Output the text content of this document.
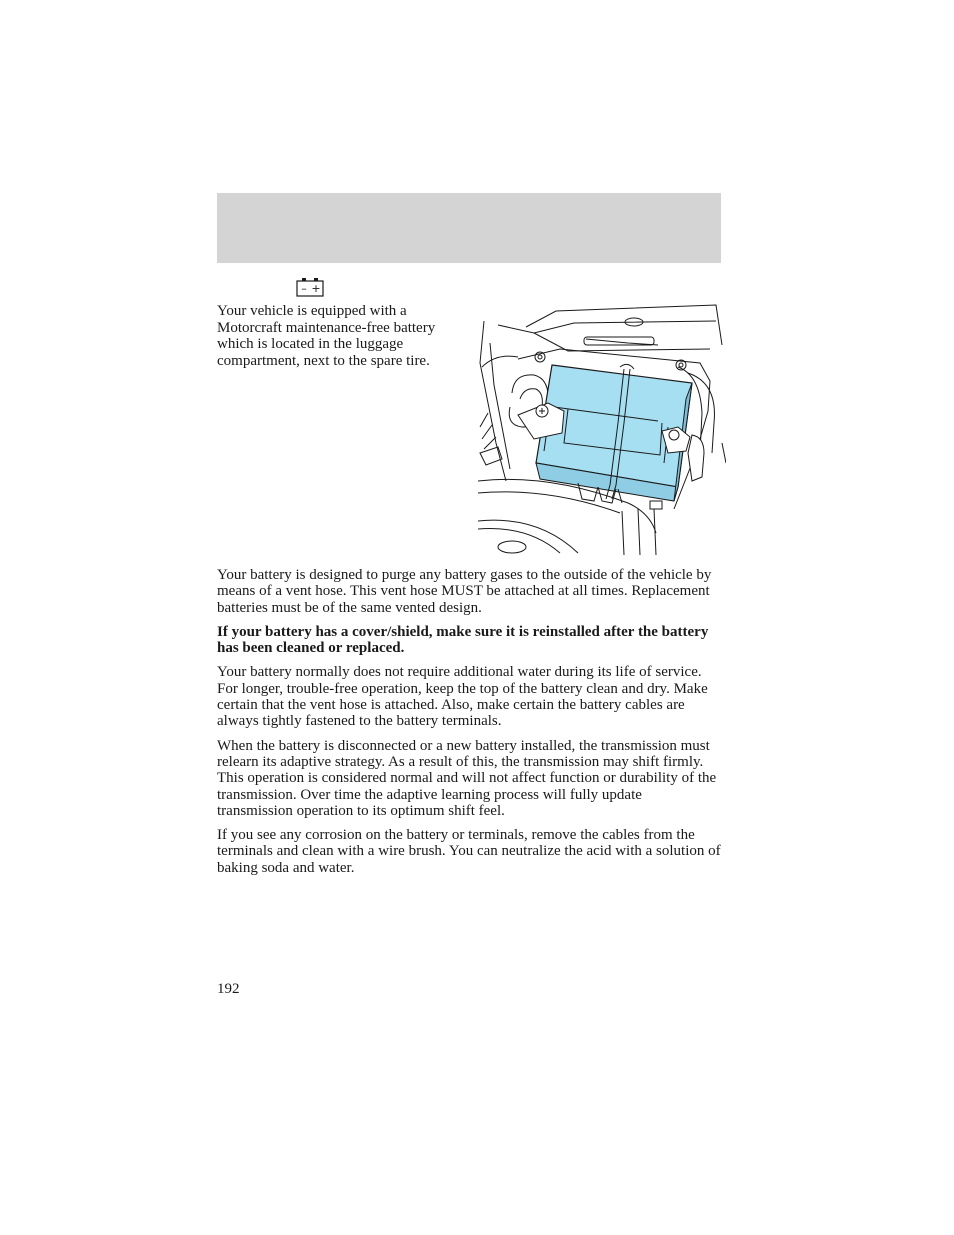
– +

Your vehicle is equipped with a Motorcraft maintenance-free battery which is located in the luggage compartment, next to the spare tire.

Your battery is designed to purge any battery gases to the outside of the vehicle by means of a vent hose. This vent hose MUST be attached at all times. Replacement batteries must be of the same vented design.

If your battery has a cover/shield, make sure it is reinstalled after the battery has been cleaned or replaced.

Your battery normally does not require additional water during its life of service. For longer, trouble-free operation, keep the top of the battery clean and dry. Make certain that the vent hose is attached. Also, make certain the battery cables are always tightly fastened to the battery terminals.

When the battery is disconnected or a new battery installed, the transmission must relearn its adaptive strategy. As a result of this, the transmission may shift firmly. This operation is considered normal and will not affect function or durability of the transmission. Over time the adaptive learning process will fully update transmission operation to its optimum shift feel.

If you see any corrosion on the battery or terminals, remove the cables from the terminals and clean with a wire brush. You can neutralize the acid with a solution of baking soda and water.

192
